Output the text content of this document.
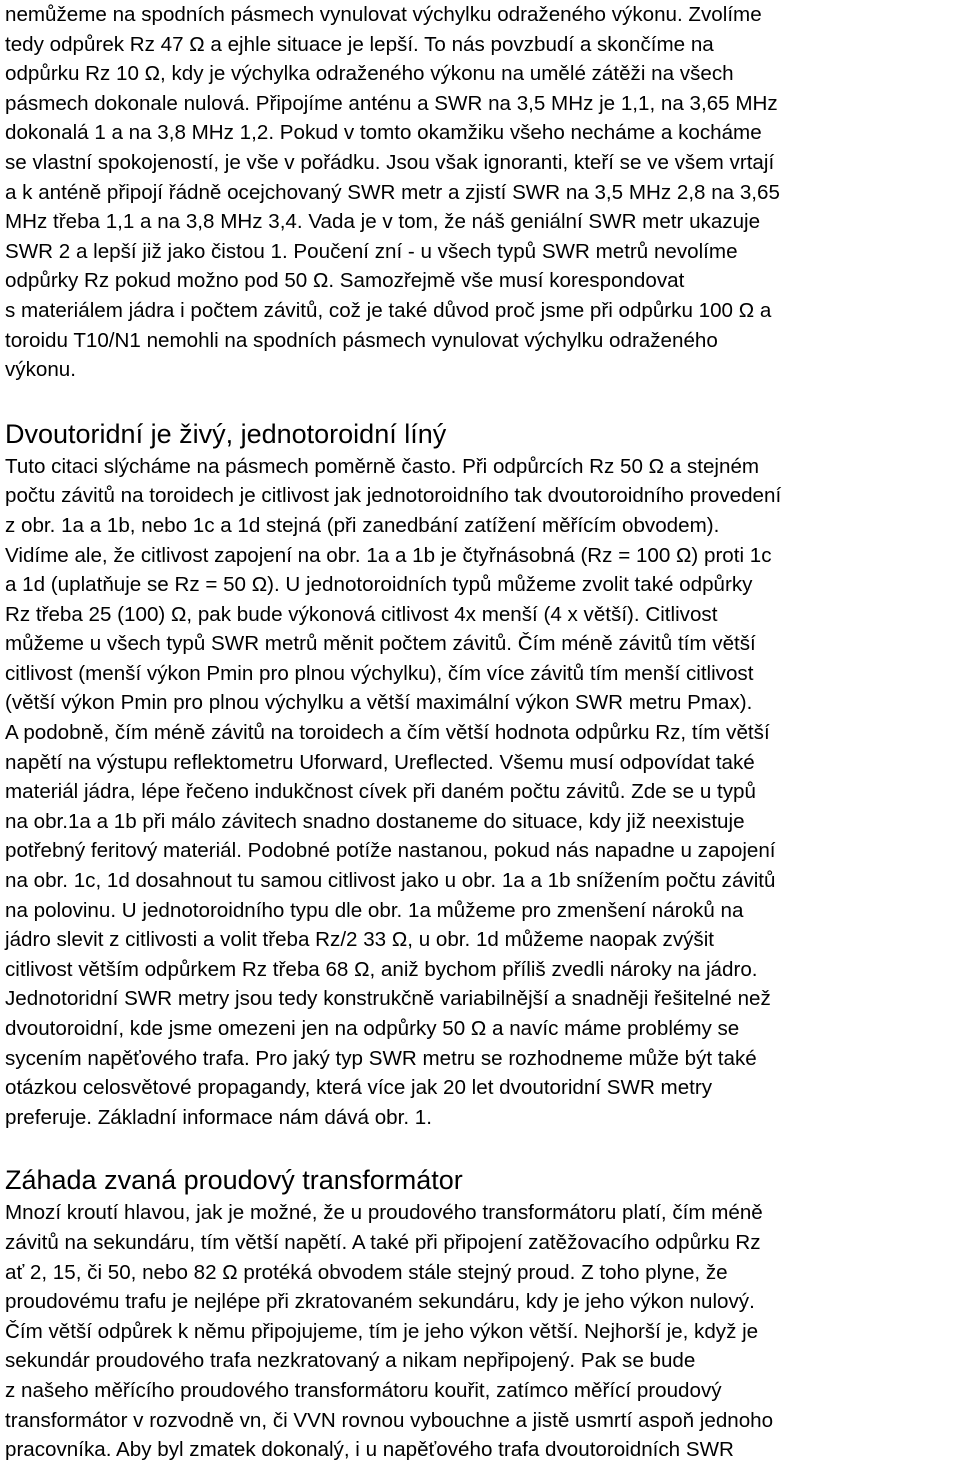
nemůžeme na spodních pásmech vynulovat výchylku odraženého výkonu. Zvolíme
tedy odpůrek Rz 47 Ω a ejhle situace je lepší. To nás povzbudí a skončíme na
odpůrku Rz 10 Ω, kdy je výchylka odraženého výkonu na umělé zátěži na všech
pásmech dokonale nulová. Připojíme anténu a SWR na 3,5 MHz je 1,1, na 3,65 MHz
dokonalá 1 a na 3,8 MHz 1,2. Pokud v tomto okamžiku všeho necháme a kocháme
se vlastní spokojeností, je vše v pořádku. Jsou však ignoranti, kteří se ve všem vrtají
a k anténě připojí řádně ocejchovaný SWR metr a zjistí SWR na 3,5 MHz 2,8 na 3,65
MHz třeba 1,1 a na 3,8 MHz 3,4. Vada je v tom, že náš geniální SWR metr ukazuje
SWR 2 a lepší již jako čistou 1. Poučení zní - u všech typů SWR metrů nevolíme
odpůrky Rz pokud možno pod 50 Ω. Samozřejmě vše musí korespondovat
s materiálem jádra i počtem závitů, což je také důvod proč jsme při odpůrku 100 Ω a
toroidu T10/N1 nemohli na spodních pásmech vynulovat výchylku odraženého
výkonu.
Dvoutoridní je živý, jednotoroidní líný
Tuto citaci slýcháme na pásmech poměrně často. Při odpůrcích Rz 50 Ω a stejném
počtu závitů na toroidech je citlivost jak jednotoroidního tak dvoutoroidního provedení
z obr. 1a a 1b, nebo 1c a 1d stejná (při zanedbání zatížení měřícím obvodem).
Vidíme ale, že citlivost zapojení na obr. 1a a 1b je čtyřnásobná (Rz = 100 Ω) proti 1c
a 1d (uplatňuje se Rz = 50 Ω). U jednotoroidních typů můžeme zvolit také odpůrky
Rz třeba 25 (100) Ω, pak bude výkonová citlivost 4x menší (4 x větší). Citlivost
můžeme u všech typů SWR metrů měnit počtem závitů. Čím méně závitů tím větší
citlivost (menší výkon Pmin pro plnou výchylku), čím více závitů tím menší citlivost
(větší výkon Pmin pro plnou výchylku a větší maximální výkon SWR metru Pmax).
A podobně, čím méně závitů na toroidech a čím větší hodnota odpůrku Rz, tím větší
napětí na výstupu reflektometru Uforward, Ureflected. Všemu musí odpovídat také
materiál jádra, lépe řečeno indukčnost cívek při daném počtu závitů. Zde se u typů
na obr.1a a 1b při málo závitech snadno dostaneme do situace, kdy již neexistuje
potřebný feritový materiál. Podobné potíže nastanou, pokud nás napadne u zapojení
na obr. 1c, 1d dosahnout tu samou citlivost jako u obr. 1a a 1b snížením počtu závitů
na polovinu. U jednotoroidního typu dle obr. 1a můžeme pro zmenšení nároků na
jádro slevit z citlivosti a volit třeba Rz/2 33 Ω, u obr. 1d můžeme naopak zvýšit
citlivost větším odpůrkem Rz třeba 68 Ω, aniž bychom příliš zvedli nároky na jádro.
Jednotoridní SWR metry jsou tedy konstrukčně variabilnější a snadněji řešitelné než
dvoutoroidní, kde jsme omezeni jen na odpůrky 50 Ω a navíc máme problémy se
sycením napěťového trafa. Pro jaký typ SWR metru se rozhodneme může být také
otázkou celosvětové propagandy, která více jak 20 let dvoutoridní SWR metry
preferuje. Základní informace nám dává obr. 1.
Záhada zvaná proudový transformátor
Mnozí kroutí hlavou, jak je možné, že u proudového transformátoru platí, čím méně
závitů na sekundáru, tím větší napětí. A také při připojení zatěžovacího odpůrku Rz
ať 2, 15, či 50, nebo 82 Ω protéká obvodem stále stejný proud. Z toho plyne, že
proudovému trafu je nejlépe při zkratovaném sekundáru, kdy je jeho výkon nulový.
Čím větší odpůrek k němu připojujeme, tím je jeho výkon větší. Nejhorší je, když je
sekundár proudového trafa nezkratovaný a nikam nepřipojený. Pak se bude
z našeho měřícího proudového transformátoru kouřit, zatímco měřící proudový
transformátor v rozvodně vn, či VVN rovnou vybouchne a jistě usmrtí aspoň jednoho
pracovníka. Aby byl zmatek dokonalý, i u napěťového trafa dvoutoroidních SWR
